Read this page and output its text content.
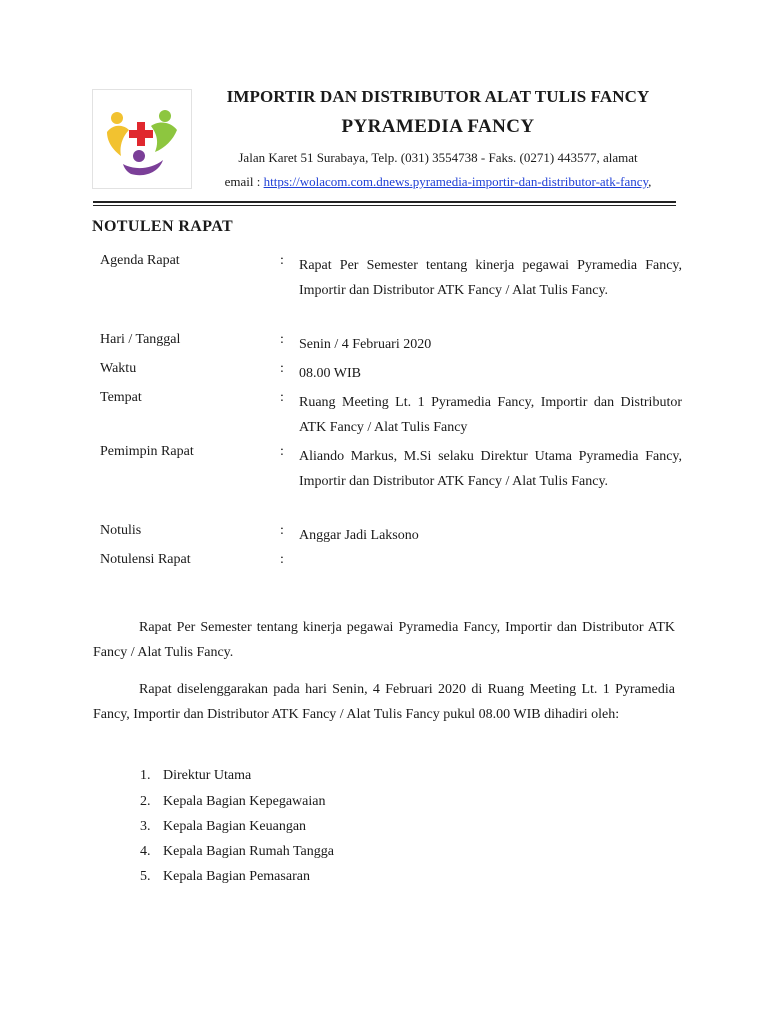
IMPORTIR DAN DISTRIBUTOR ALAT TULIS FANCY
PYRAMEDIA FANCY
Jalan Karet 51 Surabaya, Telp. (031) 3554738 - Faks. (0271) 443577, alamat
email : https://wolacom.com.dnews.pyramedia-importir-dan-distributor-atk-fancy,
NOTULEN RAPAT
Agenda Rapat	: Rapat Per Semester tentang kinerja pegawai Pyramedia Fancy, Importir dan Distributor ATK Fancy / Alat Tulis Fancy.
Hari / Tanggal	: Senin / 4 Februari 2020
Waktu	: 08.00 WIB
Tempat	: Ruang Meeting Lt. 1 Pyramedia Fancy, Importir dan Distributor ATK Fancy / Alat Tulis Fancy
Pemimpin Rapat	: Aliando Markus, M.Si selaku Direktur Utama Pyramedia Fancy, Importir dan Distributor ATK Fancy / Alat Tulis Fancy.
Notulis	: Anggar Jadi Laksono
Notulensi Rapat	:
Rapat Per Semester tentang kinerja pegawai Pyramedia Fancy, Importir dan Distributor ATK Fancy / Alat Tulis Fancy.
Rapat diselenggarakan pada hari Senin, 4 Februari 2020 di Ruang Meeting Lt. 1 Pyramedia Fancy, Importir dan Distributor ATK Fancy / Alat Tulis Fancy pukul 08.00 WIB dihadiri oleh:
1. Direktur Utama
2. Kepala Bagian Kepegawaian
3. Kepala Bagian Keuangan
4. Kepala Bagian Rumah Tangga
5. Kepala Bagian Pemasaran
